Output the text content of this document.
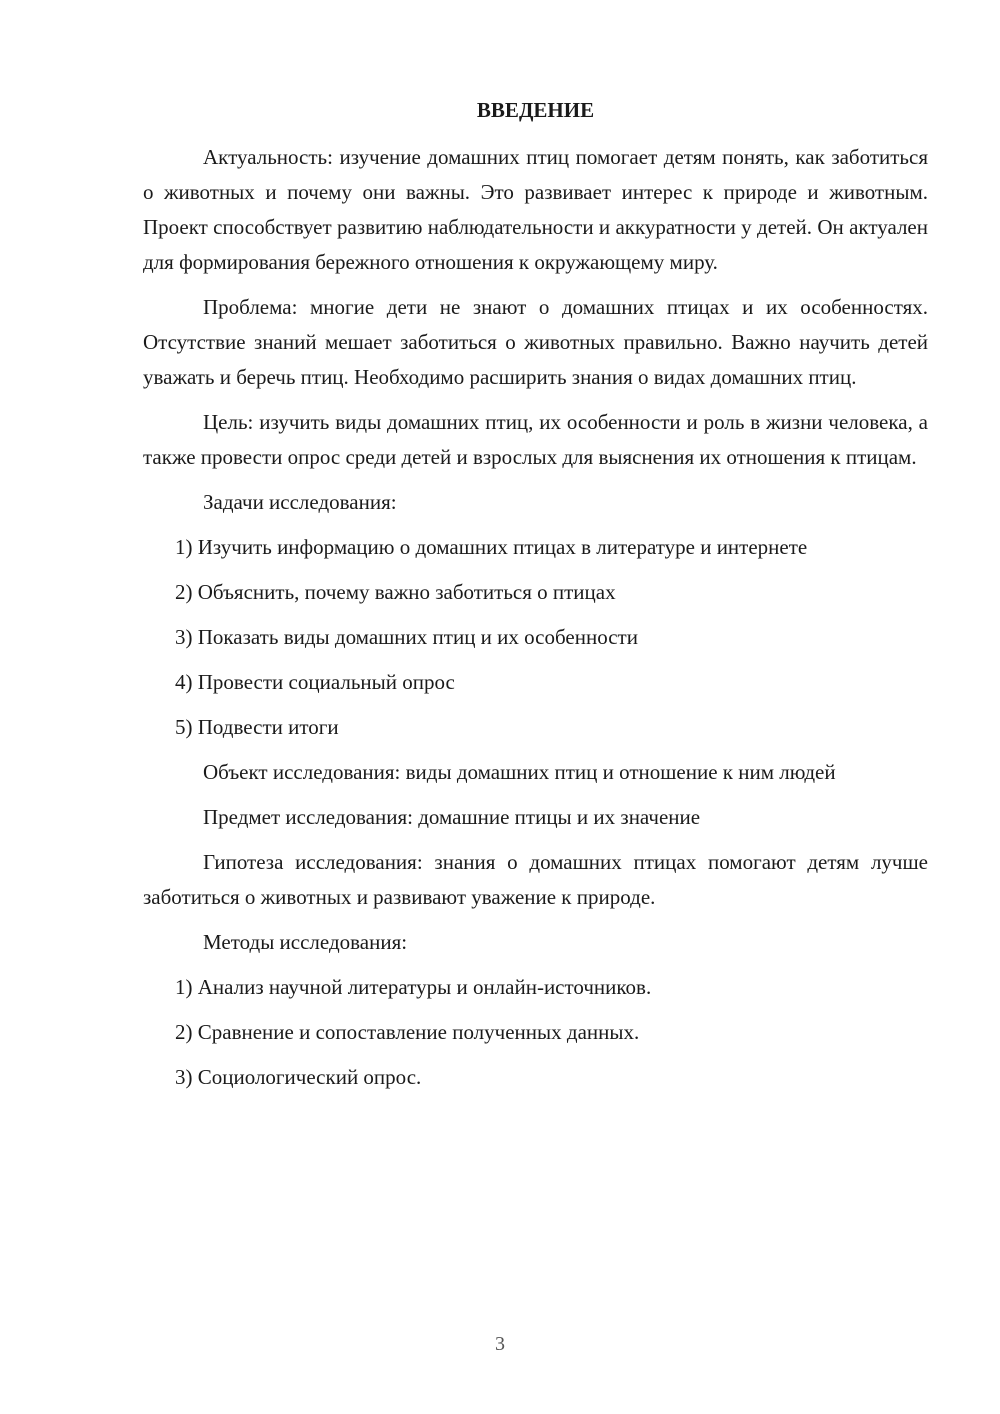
ВВЕДЕНИЕ

Актуальность: изучение домашних птиц помогает детям понять, как заботиться о животных и почему они важны. Это развивает интерес к природе и животным. Проект способствует развитию наблюдательности и аккуратности у детей. Он актуален для формирования бережного отношения к окружающему миру.

Проблема: многие дети не знают о домашних птицах и их особенностях. Отсутствие знаний мешает заботиться о животных правильно. Важно научить детей уважать и беречь птиц. Необходимо расширить знания о видах домашних птиц.

Цель: изучить виды домашних птиц, их особенности и роль в жизни человека, а также провести опрос среди детей и взрослых для выяснения их отношения к птицам.

Задачи исследования:

1) Изучить информацию о домашних птицах в литературе и интернете
2) Объяснить, почему важно заботиться о птицах
3) Показать виды домашних птиц и их особенности
4) Провести социальный опрос
5) Подвести итоги

Объект исследования: виды домашних птиц и отношение к ним людей

Предмет исследования: домашние птицы и их значение

Гипотеза исследования: знания о домашних птицах помогают детям лучше заботиться о животных и развивают уважение к природе.

Методы исследования:

1) Анализ научной литературы и онлайн-источников.
2) Сравнение и сопоставление полученных данных.
3) Социологический опрос.
3
